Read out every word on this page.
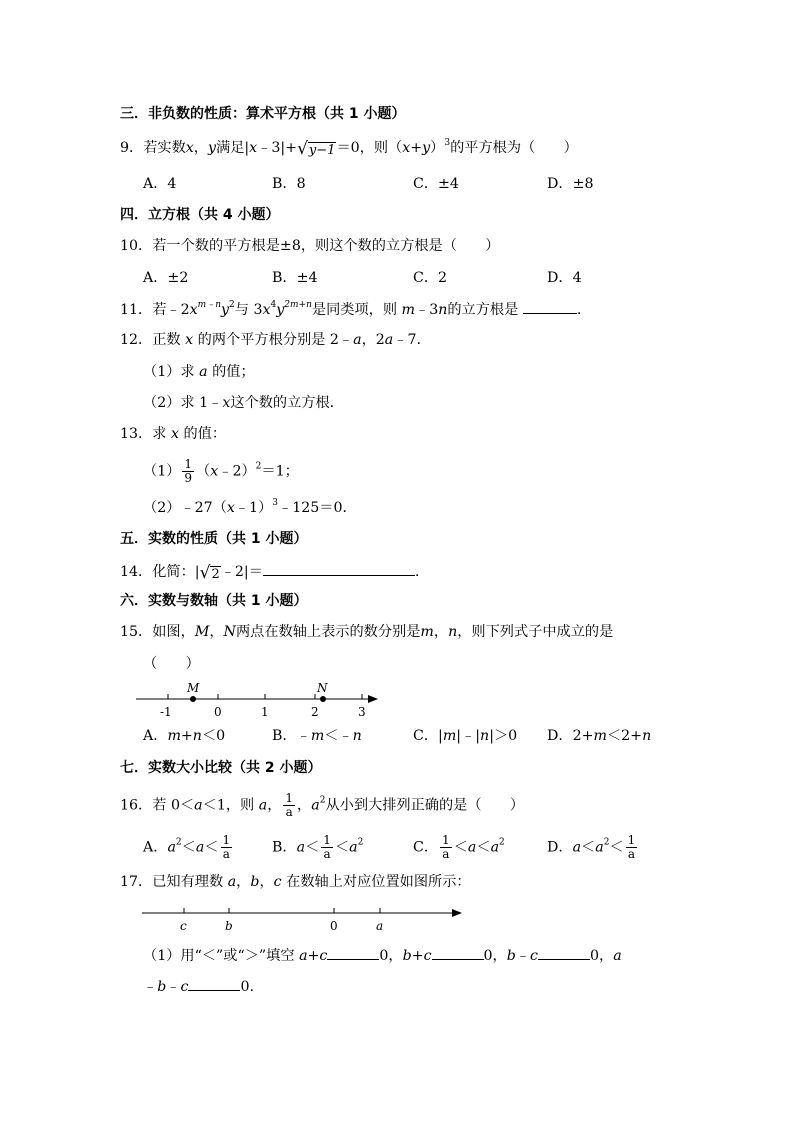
三．非负数的性质：算术平方根（共 1 小题）
9．若实数x，y满足|x﹣3|+ √ y−1 ＝0，则$(x+y)^3$的平方根为（　　）
A．4	B．8	C．±4	D．±8
四．立方根（共 4 小题）
10．若一个数的平方根是±8，则这个数的立方根是（　　）
A．±2	B．±4	C．2	D．4
11．若$﹣2x^{m﹣n}y^2$与 $3x^4y^{2m+n}$是同类项，则 m﹣3n的立方根是	.
12．正数 x 的两个平方根分别是 2﹣a，2a﹣7．
（1）求 a 的值；
（2）求 1﹣x这个数的立方根．
13．求 x 的值：
$(1) \frac{1}{9}$ （x﹣2）$^2$＝1；
（2）﹣27（x﹣1）$^3$﹣125＝0．
五．实数的性质（共 1 小题）
14．化简：| √ 2 ﹣2|＝	.
六．实数与数轴（共 1 小题）
15．如图，M，N两点在数轴上表示的数分别是m，n，则下列式子中成立的是
（　　）
M	N
-1	0	1	2	3
A．m+n＜0	B．﹣m＜﹣n	C．|m|﹣|n|＞0 D．2+m＜2+n
七．实数大小比较（共 2 小题）
16．若 0＜a＜1，则 a， $\frac{1}{a}$ ，$a^2$从小到大排列正确的是（　　）
A．$a^2<a< \frac{1}{a}$	B．$a< \frac{1}{a} <a^2$	C． $\frac{1}{a} <a<a^2$	D．$a<a^2< \frac{1}{a}$
17．已知有理数 a，b，c 在数轴上对应位置如图所示：
c	b	0	a
（1）用“＜”或“＞”填空 a+c	0，b+c	0，b﹣c	0，a
﹣b﹣c	0.
